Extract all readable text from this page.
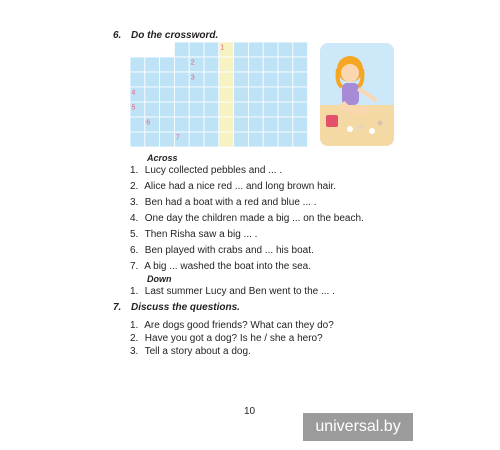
6. Do the crossword.
1
2
3
4
5
6
7
Across
1. Lucy collected pebbles and ... .
2. Alice had a nice red ... and long brown hair.
3. Ben had a boat with a red and blue ... .
4. One day the children made a big ... on the beach.
5. Then Risha saw a big ... .
6. Ben played with crabs and ... his boat.
7. A big ... washed the boat into the sea.
Down
1. Last summer Lucy and Ben went to the ... .
7. Discuss the questions.
1. Are dogs good friends? What can they do?
2. Have you got a dog? Is he / she a hero?
3. Tell a story about a dog.
10
universal.by
